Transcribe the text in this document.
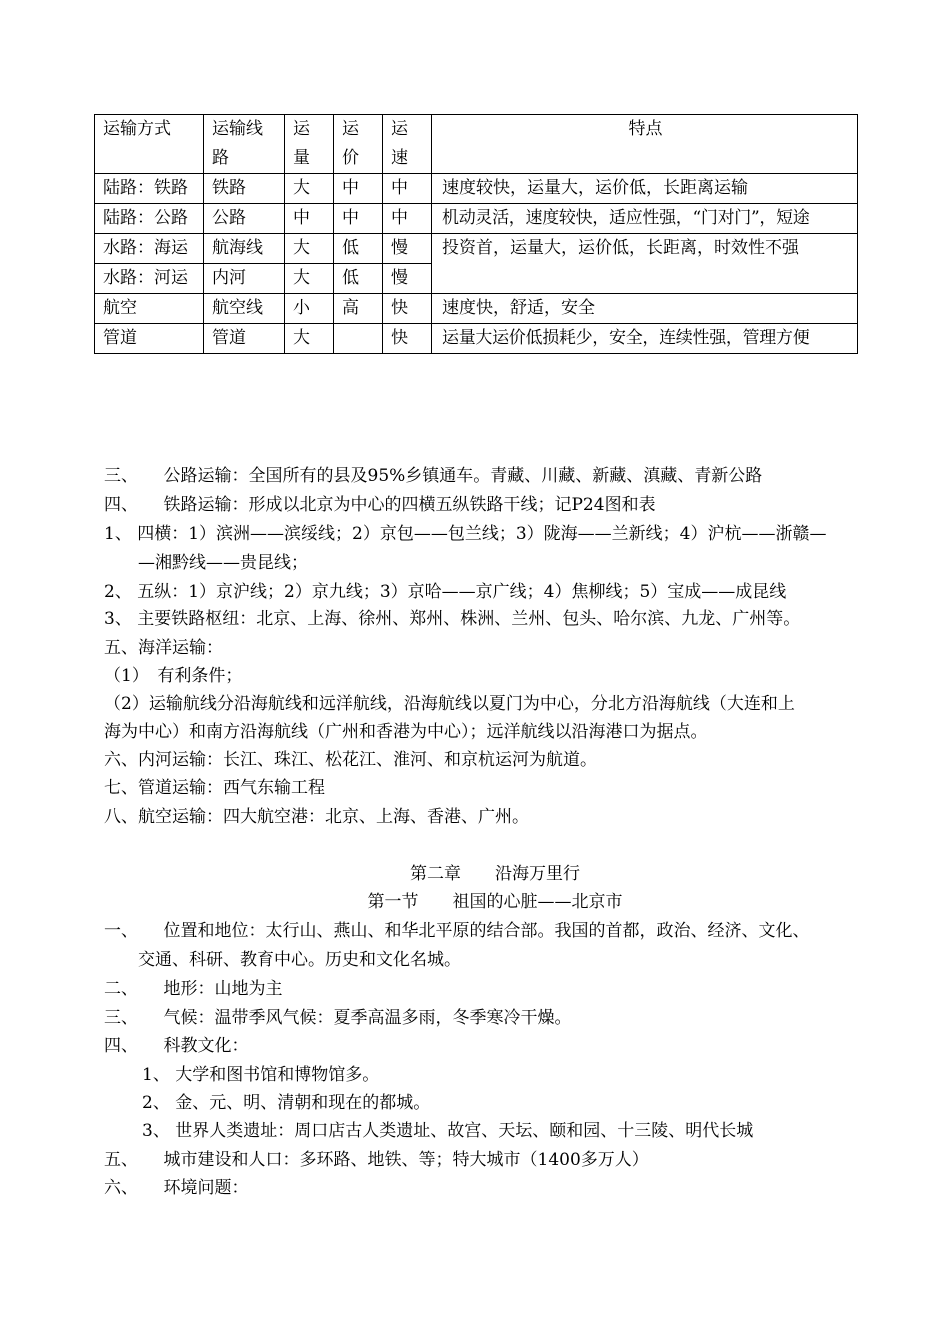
运输方式	运输线路	运量	运价	运速	特点
陆路：铁路	铁路	大	中	中	速度较快，运量大，运价低，长距离运输
陆路：公路	公路	中	中	中	机动灵活，速度较快，适应性强，“门对门”，短途
水路：海运	航海线	大	低	慢	投资首，运量大，运价低，长距离，时效性不强
水路：河运	内河	大	低	慢	
航空	航空线	小	高	快	速度快，舒适，安全
管道	管道	大		快	运量大运价低损耗少，安全，连续性强，管理方便
三、　　公路运输：全国所有的县及95%乡镇通车。青藏、川藏、新藏、滇藏、青新公路
四、　　铁路运输：形成以北京为中心的四横五纵铁路干线；记P24图和表
1、 四横：1）滨洲——滨绥线；2）京包——包兰线；3）陇海——兰新线；4）沪杭——浙赣—
—湘黔线——贵昆线；
2、 五纵：1）京沪线；2）京九线；3）京哈——京广线；4）焦柳线；5）宝成——成昆线
3、 主要铁路枢纽：北京、上海、徐州、郑州、株洲、兰州、包头、哈尔滨、九龙、广州等。
五、海洋运输：
（1）　有利条件；
（2）运输航线分沿海航线和远洋航线，沿海航线以夏门为中心，分北方沿海航线（大连和上
海为中心）和南方沿海航线（广州和香港为中心）；远洋航线以沿海港口为据点。
六、内河运输：长江、珠江、松花江、淮河、和京杭运河为航道。
七、管道运输：西气东输工程
八、航空运输：四大航空港：北京、上海、香港、广州。
第二章　　沿海万里行
第一节　　祖国的心脏——北京市
一、　　位置和地位：太行山、燕山、和华北平原的结合部。我国的首都，政治、经济、文化、
交通、科研、教育中心。历史和文化名城。
二、　　地形：山地为主
三、　　气候：温带季风气候：夏季高温多雨，冬季寒冷干燥。
四、　　科教文化：
1、 大学和图书馆和博物馆多。
2、 金、元、明、清朝和现在的都城。
3、 世界人类遗址：周口店古人类遗址、故宫、天坛、颐和园、十三陵、明代长城
五、　　城市建设和人口：多环路、地铁、等；特大城市（1400多万人）
六、　　环境问题：
